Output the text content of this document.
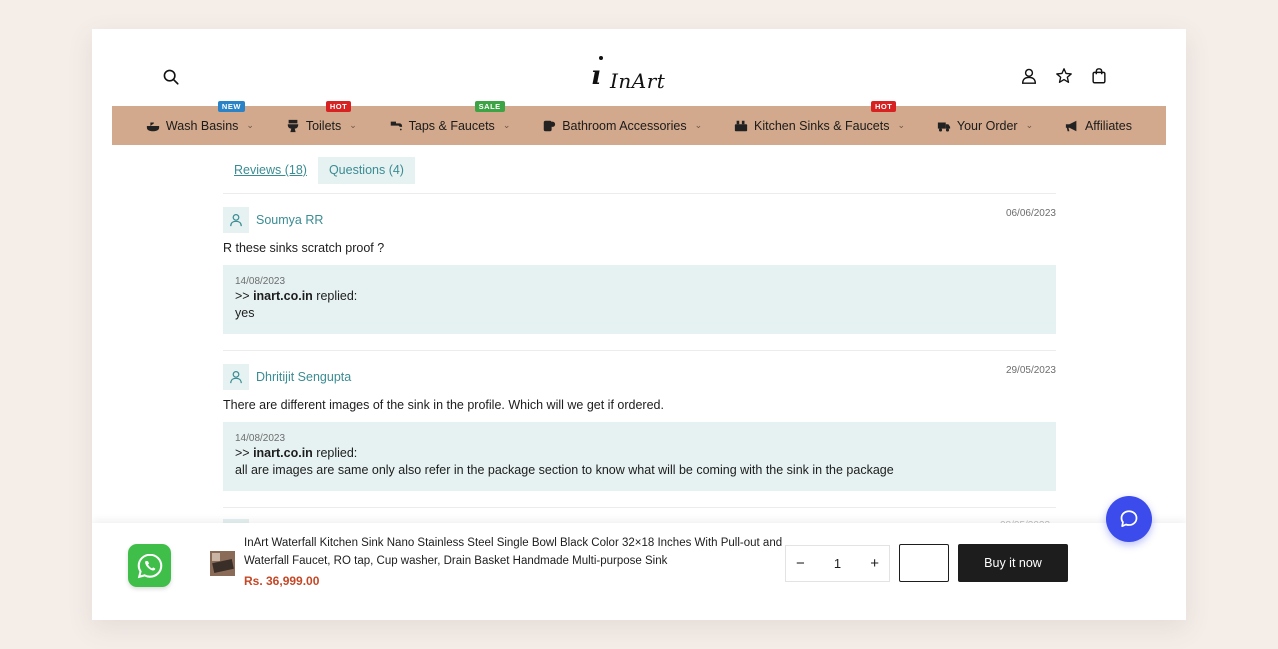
ı InArt
NEW
Wash Basins ⌄
HOT
Toilets ⌄
SALE
Taps & Faucets ⌄	Bathroom Accessories ⌄
HOT
Kitchen Sinks & Faucets ⌄	Your Order ⌄	Affiliates
Reviews (18)	Questions (4)
Soumya RR	06/06/2023
R these sinks scratch proof ?
14/08/2023
>> inart.co.in replied:
yes
Dhritijit Sengupta	29/05/2023
There are different images of the sink in the profile. Which will we get if ordered.
14/08/2023
>> inart.co.in replied:
all are images are same only also refer in the package section to know what will be coming with the sink in the package
InArt Waterfall Kitchen Sink Nano Stainless Steel Single Bowl Black Color 32×18 Inches With Pull-out and Waterfall Faucet, RO tap, Cup washer, Drain Basket Handmade Multi-purpose Sink
Rs. 36,999.00
− 1 +	Buy it now
